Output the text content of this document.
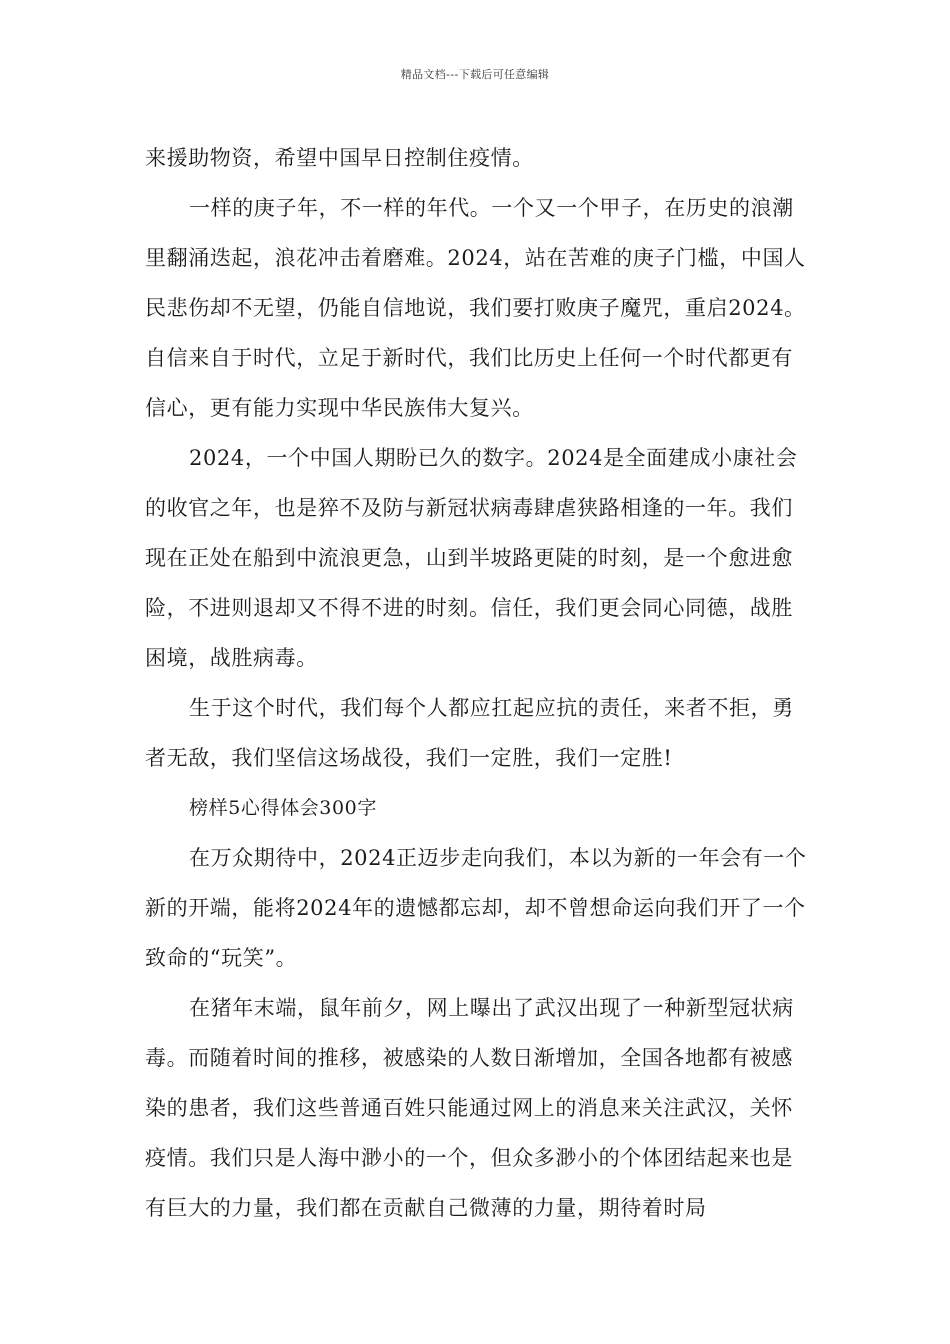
精品文档---下载后可任意编辑

来援助物资，希望中国早日控制住疫情。

一样的庚子年，不一样的年代。一个又一个甲子，在历史的浪潮里翻涌迭起，浪花冲击着磨难。2024，站在苦难的庚子门槛，中国人民悲伤却不无望，仍能自信地说，我们要打败庚子魔咒，重启2024。自信来自于时代，立足于新时代，我们比历史上任何一个时代都更有信心，更有能力实现中华民族伟大复兴。

2024，一个中国人期盼已久的数字。2024是全面建成小康社会的收官之年，也是猝不及防与新冠状病毒肆虐狭路相逢的一年。我们现在正处在船到中流浪更急，山到半坡路更陡的时刻，是一个愈进愈险，不进则退却又不得不进的时刻。信任，我们更会同心同德，战胜困境，战胜病毒。

生于这个时代，我们每个人都应扛起应抗的责任，来者不拒，勇者无敌，我们坚信这场战役，我们一定胜，我们一定胜!

榜样5心得体会300字

在万众期待中，2024正迈步走向我们，本以为新的一年会有一个新的开端，能将2024年的遗憾都忘却，却不曾想命运向我们开了一个致命的“玩笑”。

在猪年末端，鼠年前夕，网上曝出了武汉出现了一种新型冠状病毒。而随着时间的推移，被感染的人数日渐增加，全国各地都有被感染的患者，我们这些普通百姓只能通过网上的消息来关注武汉，关怀疫情。我们只是人海中渺小的一个，但众多渺小的个体团结起来也是有巨大的力量，我们都在贡献自己微薄的力量，期待着时局
